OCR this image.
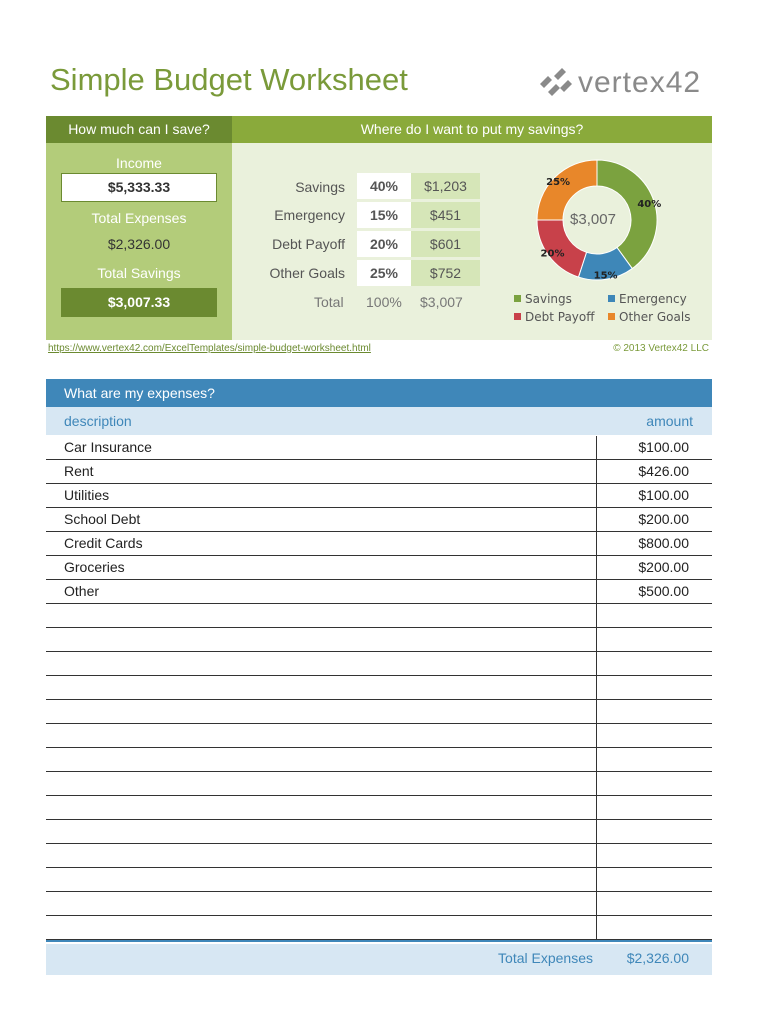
Simple Budget Worksheet	vertex42
How much can I save?	Where do I want to put my savings?
Income
$5,333.33
Total Expenses
$2,326.00
Total Savings
$3,007.33
Savings	40%	$1,203
Emergency	15%	$451
Debt Payoff	20%	$601
Other Goals	25%	$752
Total 100% $3,007
40%
15%
20%
25%
$3,007
Savings	Emergency
Debt Payoff	Other Goals
https://www.vertex42.com/ExcelTemplates/simple-budget-worksheet.html	© 2013 Vertex42 LLC
What are my expenses?
description	amount
Car Insurance	$100.00
Rent	$426.00
Utilities	$100.00
School Debt	$200.00
Credit Cards	$800.00
Groceries	$200.00
Other	$500.00
Total Expenses $2,326.00
